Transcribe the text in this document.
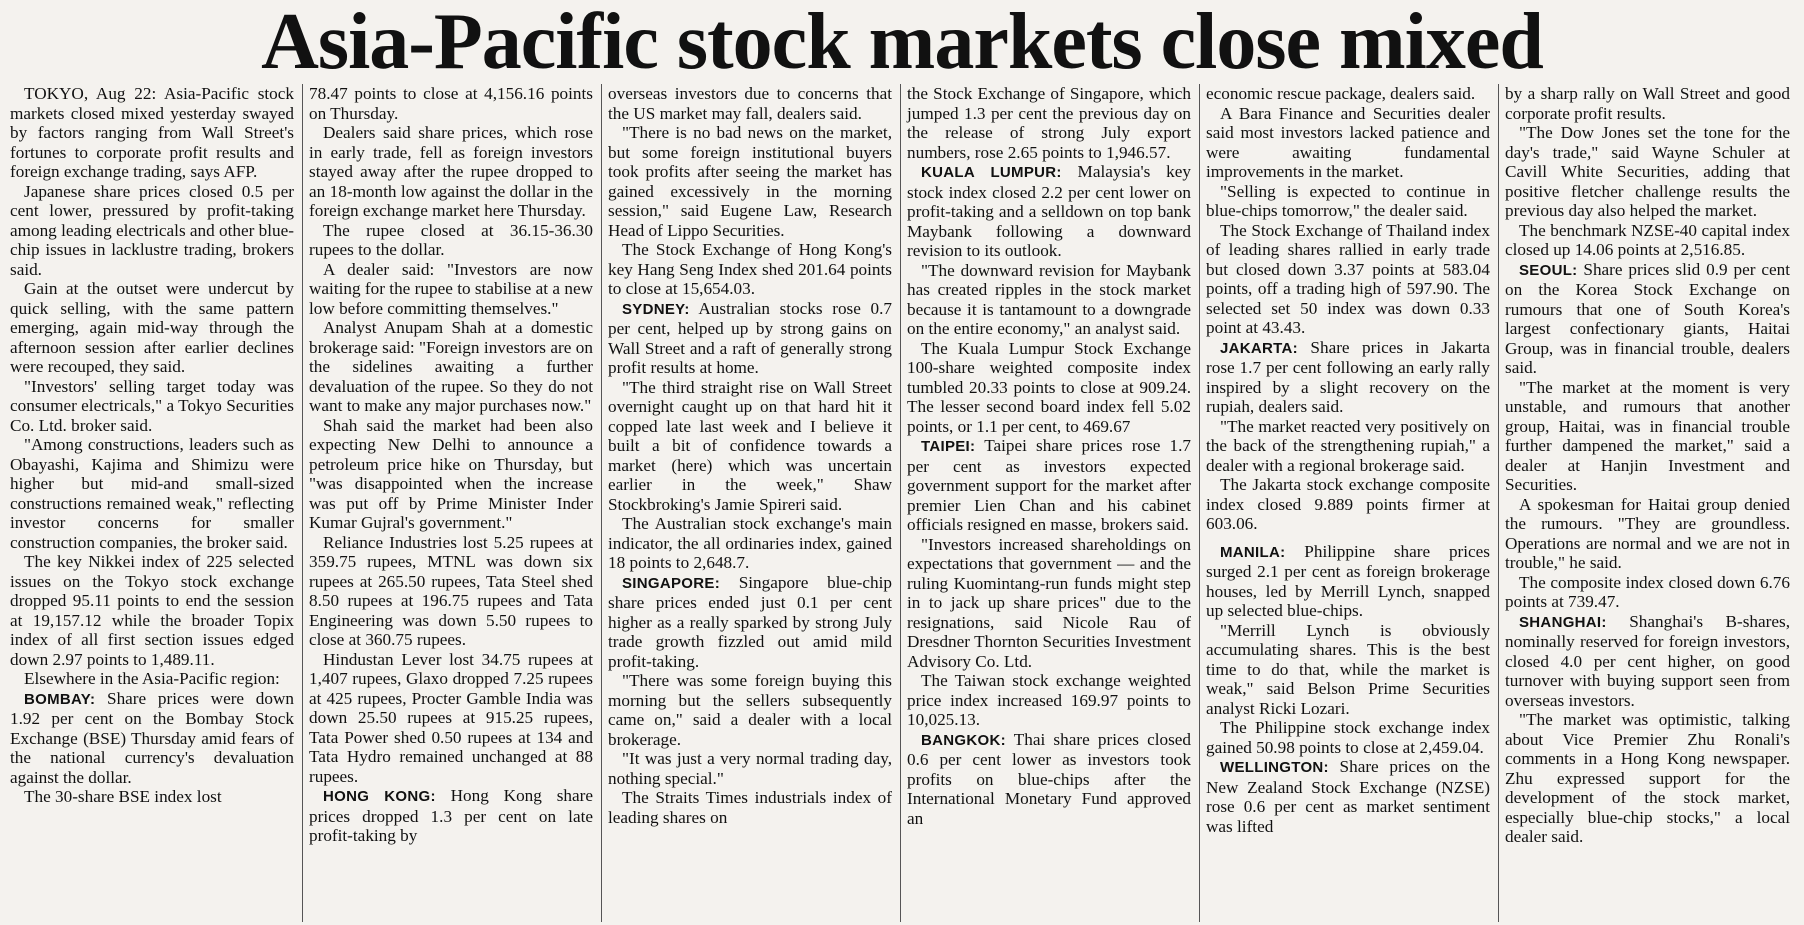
Asia-Pacific stock markets close mixed

TOKYO, Aug 22: Asia-Pacific stock markets closed mixed yesterday swayed by factors ranging from Wall Street's fortunes to corporate profit results and foreign exchange trading, says AFP.

Japanese share prices closed 0.5 per cent lower, pressured by profit-taking among leading electricals and other blue-chip issues in lacklustre trading, brokers said.

Gain at the outset were undercut by quick selling, with the same pattern emerging, again mid-way through the afternoon session after earlier declines were recouped, they said.

"Investors' selling target today was consumer electricals," a Tokyo Securities Co. Ltd. broker said.

"Among constructions, leaders such as Obayashi, Kajima and Shimizu were higher but mid-and small-sized constructions remained weak," reflecting investor concerns for smaller construction companies, the broker said.

The key Nikkei index of 225 selected issues on the Tokyo stock exchange dropped 95.11 points to end the session at 19,157.12 while the broader Topix index of all first section issues edged down 2.97 points to 1,489.11.

Elsewhere in the Asia-Pacific region:

BOMBAY: Share prices were down 1.92 per cent on the Bombay Stock Exchange (BSE) Thursday amid fears of the national currency's devaluation against the dollar.

The 30-share BSE index lost

78.47 points to close at 4,156.16 points on Thursday.

Dealers said share prices, which rose in early trade, fell as foreign investors stayed away after the rupee dropped to an 18-month low against the dollar in the foreign exchange market here Thursday.

The rupee closed at 36.15-36.30 rupees to the dollar.

A dealer said: "Investors are now waiting for the rupee to stabilise at a new low before committing themselves."

Analyst Anupam Shah at a domestic brokerage said: "Foreign investors are on the sidelines awaiting a further devaluation of the rupee. So they do not want to make any major purchases now."

Shah said the market had been also expecting New Delhi to announce a petroleum price hike on Thursday, but "was disappointed when the increase was put off by Prime Minister Inder Kumar Gujral's government."

Reliance Industries lost 5.25 rupees at 359.75 rupees, MTNL was down six rupees at 265.50 rupees, Tata Steel shed 8.50 rupees at 196.75 rupees and Tata Engineering was down 5.50 rupees to close at 360.75 rupees.

Hindustan Lever lost 34.75 rupees at 1,407 rupees, Glaxo dropped 7.25 rupees at 425 rupees, Procter Gamble India was down 25.50 rupees at 915.25 rupees, Tata Power shed 0.50 rupees at 134 and Tata Hydro remained unchanged at 88 rupees.

HONG KONG: Hong Kong share prices dropped 1.3 per cent on late profit-taking by

overseas investors due to concerns that the US market may fall, dealers said.

"There is no bad news on the market, but some foreign institutional buyers took profits after seeing the market has gained excessively in the morning session," said Eugene Law, Research Head of Lippo Securities.

The Stock Exchange of Hong Kong's key Hang Seng Index shed 201.64 points to close at 15,654.03.

SYDNEY: Australian stocks rose 0.7 per cent, helped up by strong gains on Wall Street and a raft of generally strong profit results at home.

"The third straight rise on Wall Street overnight caught up on that hard hit it copped late last week and I believe it built a bit of confidence towards a market (here) which was uncertain earlier in the week," Shaw Stockbroking's Jamie Spireri said.

The Australian stock exchange's main indicator, the all ordinaries index, gained 18 points to 2,648.7.

SINGAPORE: Singapore blue-chip share prices ended just 0.1 per cent higher as a really sparked by strong July trade growth fizzled out amid mild profit-taking.

"There was some foreign buying this morning but the sellers subsequently came on," said a dealer with a local brokerage.

"It was just a very normal trading day, nothing special."

The Straits Times industrials index of leading shares on

the Stock Exchange of Singapore, which jumped 1.3 per cent the previous day on the release of strong July export numbers, rose 2.65 points to 1,946.57.

KUALA LUMPUR: Malaysia's key stock index closed 2.2 per cent lower on profit-taking and a selldown on top bank Maybank following a downward revision to its outlook.

"The downward revision for Maybank has created ripples in the stock market because it is tantamount to a downgrade on the entire economy," an analyst said.

The Kuala Lumpur Stock Exchange 100-share weighted composite index tumbled 20.33 points to close at 909.24. The lesser second board index fell 5.02 points, or 1.1 per cent, to 469.67

TAIPEI: Taipei share prices rose 1.7 per cent as investors expected government support for the market after premier Lien Chan and his cabinet officials resigned en masse, brokers said.

"Investors increased shareholdings on expectations that government — and the ruling Kuomintang-run funds might step in to jack up share prices" due to the resignations, said Nicole Rau of Dresdner Thornton Securities Investment Advisory Co. Ltd.

The Taiwan stock exchange weighted price index increased 169.97 points to 10,025.13.

BANGKOK: Thai share prices closed 0.6 per cent lower as investors took profits on blue-chips after the International Monetary Fund approved an

economic rescue package, dealers said.

A Bara Finance and Securities dealer said most investors lacked patience and were awaiting fundamental improvements in the market.

"Selling is expected to continue in blue-chips tomorrow," the dealer said.

The Stock Exchange of Thailand index of leading shares rallied in early trade but closed down 3.37 points at 583.04 points, off a trading high of 597.90. The selected set 50 index was down 0.33 point at 43.43.

JAKARTA: Share prices in Jakarta rose 1.7 per cent following an early rally inspired by a slight recovery on the rupiah, dealers said.

"The market reacted very positively on the back of the strengthening rupiah," a dealer with a regional brokerage said.

The Jakarta stock exchange composite index closed 9.889 points firmer at 603.06.

MANILA: Philippine share prices surged 2.1 per cent as foreign brokerage houses, led by Merrill Lynch, snapped up selected blue-chips.

"Merrill Lynch is obviously accumulating shares. This is the best time to do that, while the market is weak," said Belson Prime Securities analyst Ricki Lozari.

The Philippine stock exchange index gained 50.98 points to close at 2,459.04.

WELLINGTON: Share prices on the New Zealand Stock Exchange (NZSE) rose 0.6 per cent as market sentiment was lifted

by a sharp rally on Wall Street and good corporate profit results.

"The Dow Jones set the tone for the day's trade," said Wayne Schuler at Cavill White Securities, adding that positive fletcher challenge results the previous day also helped the market.

The benchmark NZSE-40 capital index closed up 14.06 points at 2,516.85.

SEOUL: Share prices slid 0.9 per cent on the Korea Stock Exchange on rumours that one of South Korea's largest confectionary giants, Haitai Group, was in financial trouble, dealers said.

"The market at the moment is very unstable, and rumours that another group, Haitai, was in financial trouble further dampened the market," said a dealer at Hanjin Investment and Securities.

A spokesman for Haitai group denied the rumours. "They are groundless. Operations are normal and we are not in trouble," he said.

The composite index closed down 6.76 points at 739.47.

SHANGHAI: Shanghai's B-shares, nominally reserved for foreign investors, closed 4.0 per cent higher, on good turnover with buying support seen from overseas investors.

"The market was optimistic, talking about Vice Premier Zhu Ronali's comments in a Hong Kong newspaper. Zhu expressed support for the development of the stock market, especially blue-chip stocks," a local dealer said.
